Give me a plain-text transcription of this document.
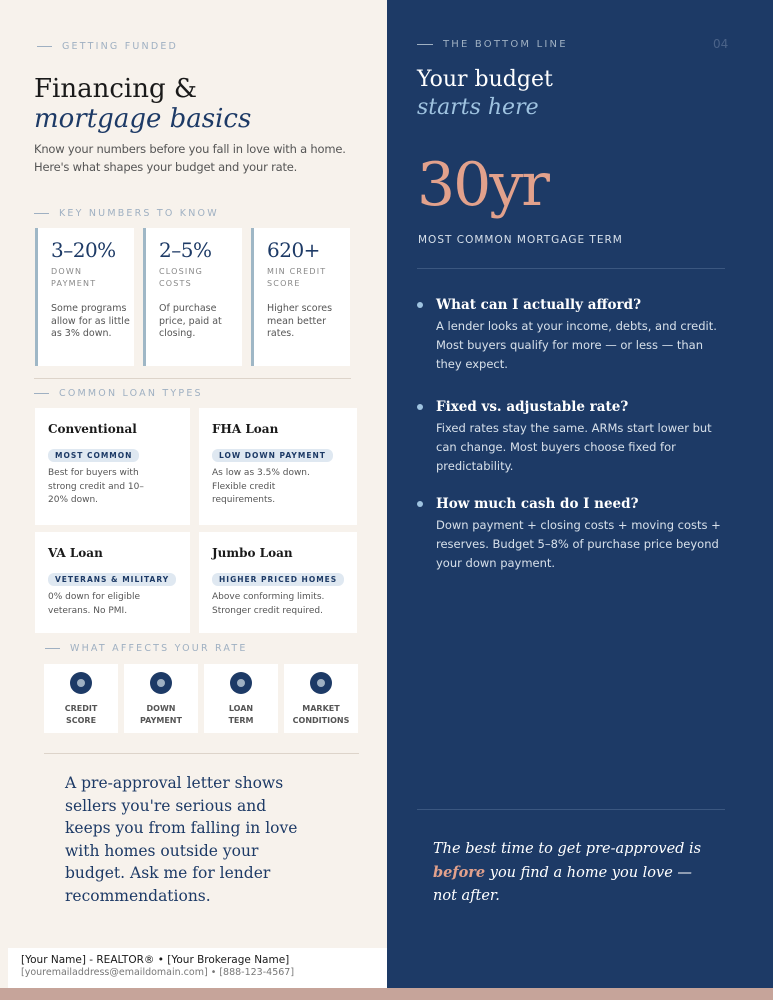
GETTING FUNDED
Financing &
mortgage basics
Know your numbers before you fall in love with a home. Here's what shapes your budget and your rate.
KEY NUMBERS TO KNOW
3–20%
DOWN PAYMENT
Some programs allow for as little as 3% down.
2–5%
CLOSING COSTS
Of purchase price, paid at closing.
620+
MIN CREDIT SCORE
Higher scores mean better rates.
COMMON LOAN TYPES
Conventional
MOST COMMON
Best for buyers with strong credit and 10–20% down.
FHA Loan
LOW DOWN PAYMENT
As low as 3.5% down. Flexible credit requirements.
VA Loan
VETERANS & MILITARY
0% down for eligible veterans. No PMI.
Jumbo Loan
HIGHER PRICED HOMES
Above conforming limits. Stronger credit required.
WHAT AFFECTS YOUR RATE
CREDIT
SCORE
DOWN
PAYMENT
LOAN
TERM
MARKET
CONDITIONS
A pre-approval letter shows sellers you're serious and keeps you from falling in love with homes outside your budget. Ask me for lender recommendations.
[Your Name] - REALTOR® • [Your Brokerage Name]
[youremailaddress@emaildomain.com] • [888-123-4567]
THE BOTTOM LINE	04
Your budget
starts here
30yr
MOST COMMON MORTGAGE TERM
What can I actually afford?
A lender looks at your income, debts, and credit. Most buyers qualify for more — or less — than they expect.
Fixed vs. adjustable rate?
Fixed rates stay the same. ARMs start lower but can change. Most buyers choose fixed for predictability.
How much cash do I need?
Down payment + closing costs + moving costs + reserves. Budget 5–8% of purchase price beyond your down payment.
The best time to get pre-approved is before you find a home you love — not after.
